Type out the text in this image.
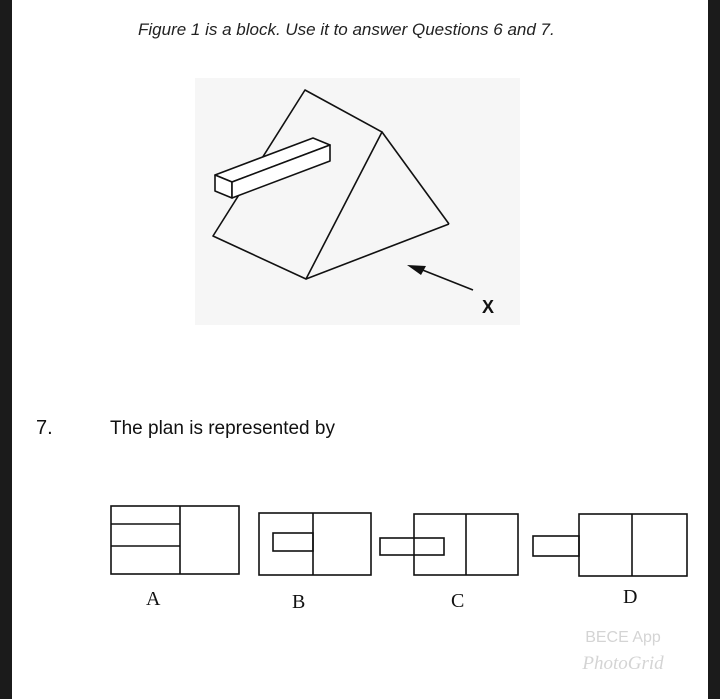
Figure 1 is a block. Use it to answer Questions 6 and 7.
X
7.	The plan is represented by
A	B	C	D
BECE App
PhotoGrid
